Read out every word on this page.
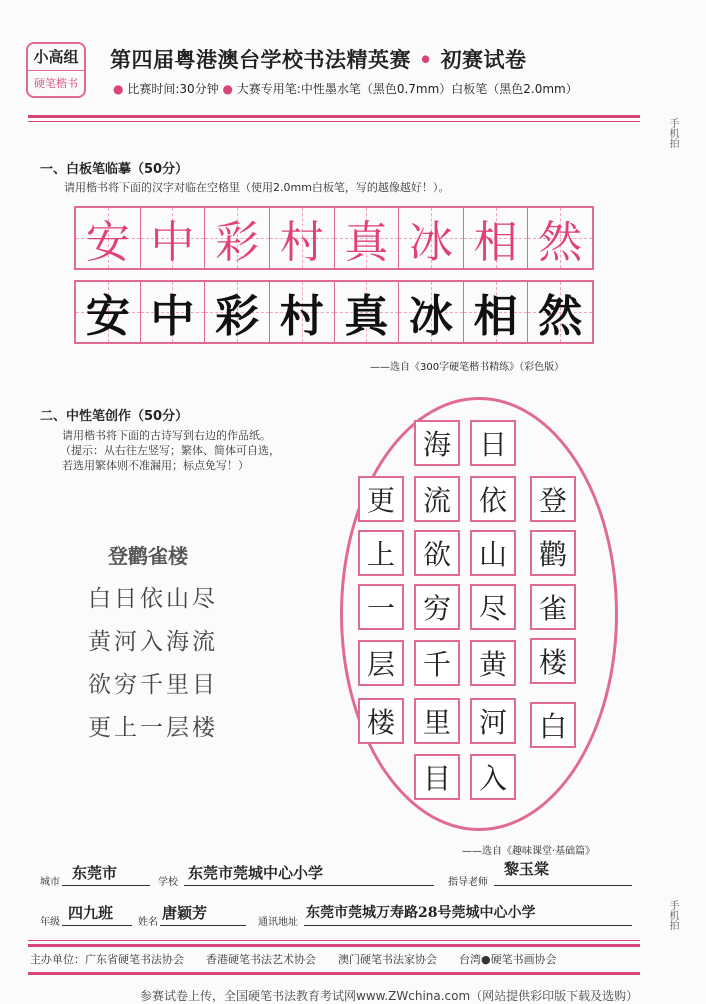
小高组
硬笔楷书
第四届粤港澳台学校书法精英赛 • 初赛试卷
● 比赛时间:30分钟 ● 大赛专用笔:中性墨水笔（黑色0.7mm）白板笔（黑色2.0mm）
手机拍
手机拍
一、白板笔临摹（50分）
请用楷书将下面的汉字对临在空格里（使用2.0mm白板笔，写的越像越好！）。
安 中 彩 村 真 冰 相 然
安 中 彩 村 真 冰 相 然
——选自《300字硬笔楷书精练》（彩色版）
二、中性笔创作（50分）
请用楷书将下面的古诗写到右边的作品纸。
（提示：从右往左竖写；繁体、简体可自选，
若选用繁体则不准漏用；标点免写！）
登鹳雀楼
白日依山尽
黄河入海流
欲穷千里目
更上一层楼
登
鹳
雀
楼
白
日
依
山
尽
黄
河
入
海
流
欲
穷
千
里
目
更
上
一
层
楼
——选自《趣味课堂·基础篇》
城市
东莞市
学校
东莞市莞城中心小学
指导老师
黎玉棠
年级
四九班
姓名
唐颖芳
通讯地址
东莞市莞城万寿路28号莞城中心小学
主办单位：广东省硬笔书法协会　　香港硬笔书法艺术协会　　澳门硬笔书法家协会　　台湾●硬笔书画协会
参赛试卷上传，全国硬笔书法教育考试网www.ZWchina.com（网站提供彩印版下载及选购）
